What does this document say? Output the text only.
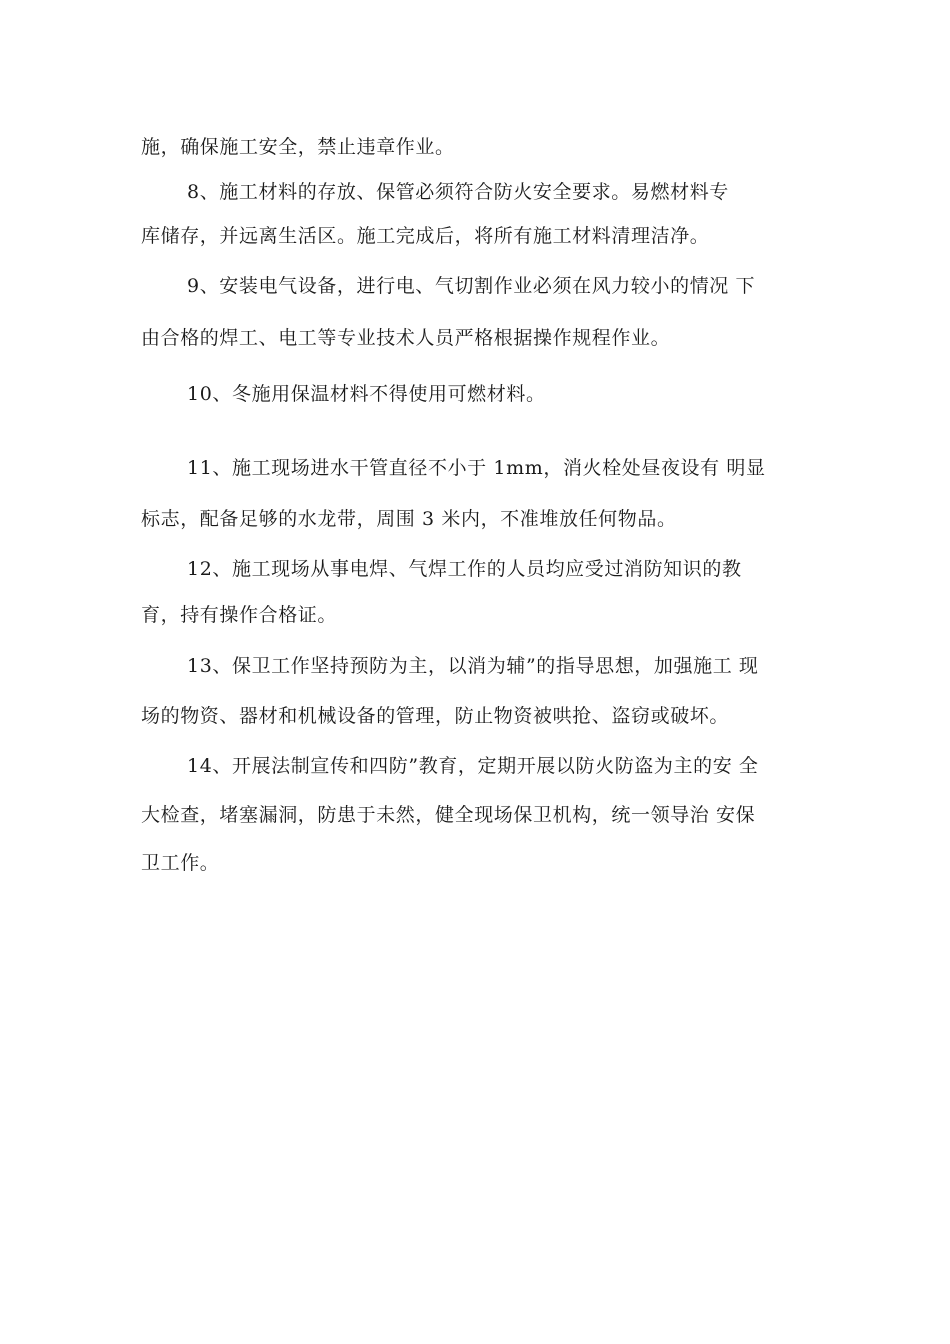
施，确保施工安全，禁止违章作业。
8、施工材料的存放、保管必须符合防火安全要求。易燃材料专
库储存，并远离生活区。施工完成后，将所有施工材料清理洁净。
9、安装电气设备，进行电、气切割作业必须在风力较小的情况 下
由合格的焊工、电工等专业技术人员严格根据操作规程作业。
10、冬施用保温材料不得使用可燃材料。
11、施工现场进水干管直径不小于 1mm，消火栓处昼夜设有 明显
标志，配备足够的水龙带，周围 3 米内，不准堆放任何物品。
12、施工现场从事电焊、气焊工作的人员均应受过消防知识的教
育，持有操作合格证。
13、保卫工作坚持预防为主，以消为辅”的指导思想，加强施工 现
场的物资、器材和机械设备的管理，防止物资被哄抢、盗窃或破坏。
14、开展法制宣传和四防”教育，定期开展以防火防盗为主的安 全
大检查，堵塞漏洞，防患于未然，健全现场保卫机构，统一领导治 安保
卫工作。
